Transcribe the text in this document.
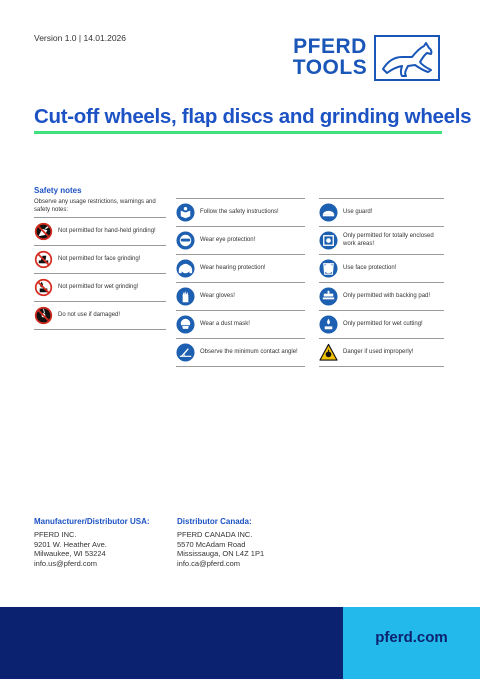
Version 1.0 | 14.01.2026	PFERD
TOOLS
Cut-off wheels, flap discs and grinding wheels
Safety notes
Observe any usage restrictions, warnings and safety notes:
Not permitted for hand-held grinding!
Not permitted for face grinding!
Not permitted for wet grinding!
Do not use if damaged!
Follow the safety instructions!
Wear eye protection!
Wear hearing protection!
Wear gloves!
Wear a dust mask!
Observe the minimum contact angle!
Use guard!
Only permitted for totally enclosed work areas!
Use face protection!
Only permitted with backing pad!
Only permitted for wet cutting!
Danger if used improperly!
Manufacturer/Distributor USA:
PFERD INC.
9201 W. Heather Ave.
Milwaukee, WI 53224
info.us@pferd.com
Distributor Canada:
PFERD CANADA INC.
5570 McAdam Road
Mississauga, ON L4Z 1P1
info.ca@pferd.com
pferd.com
